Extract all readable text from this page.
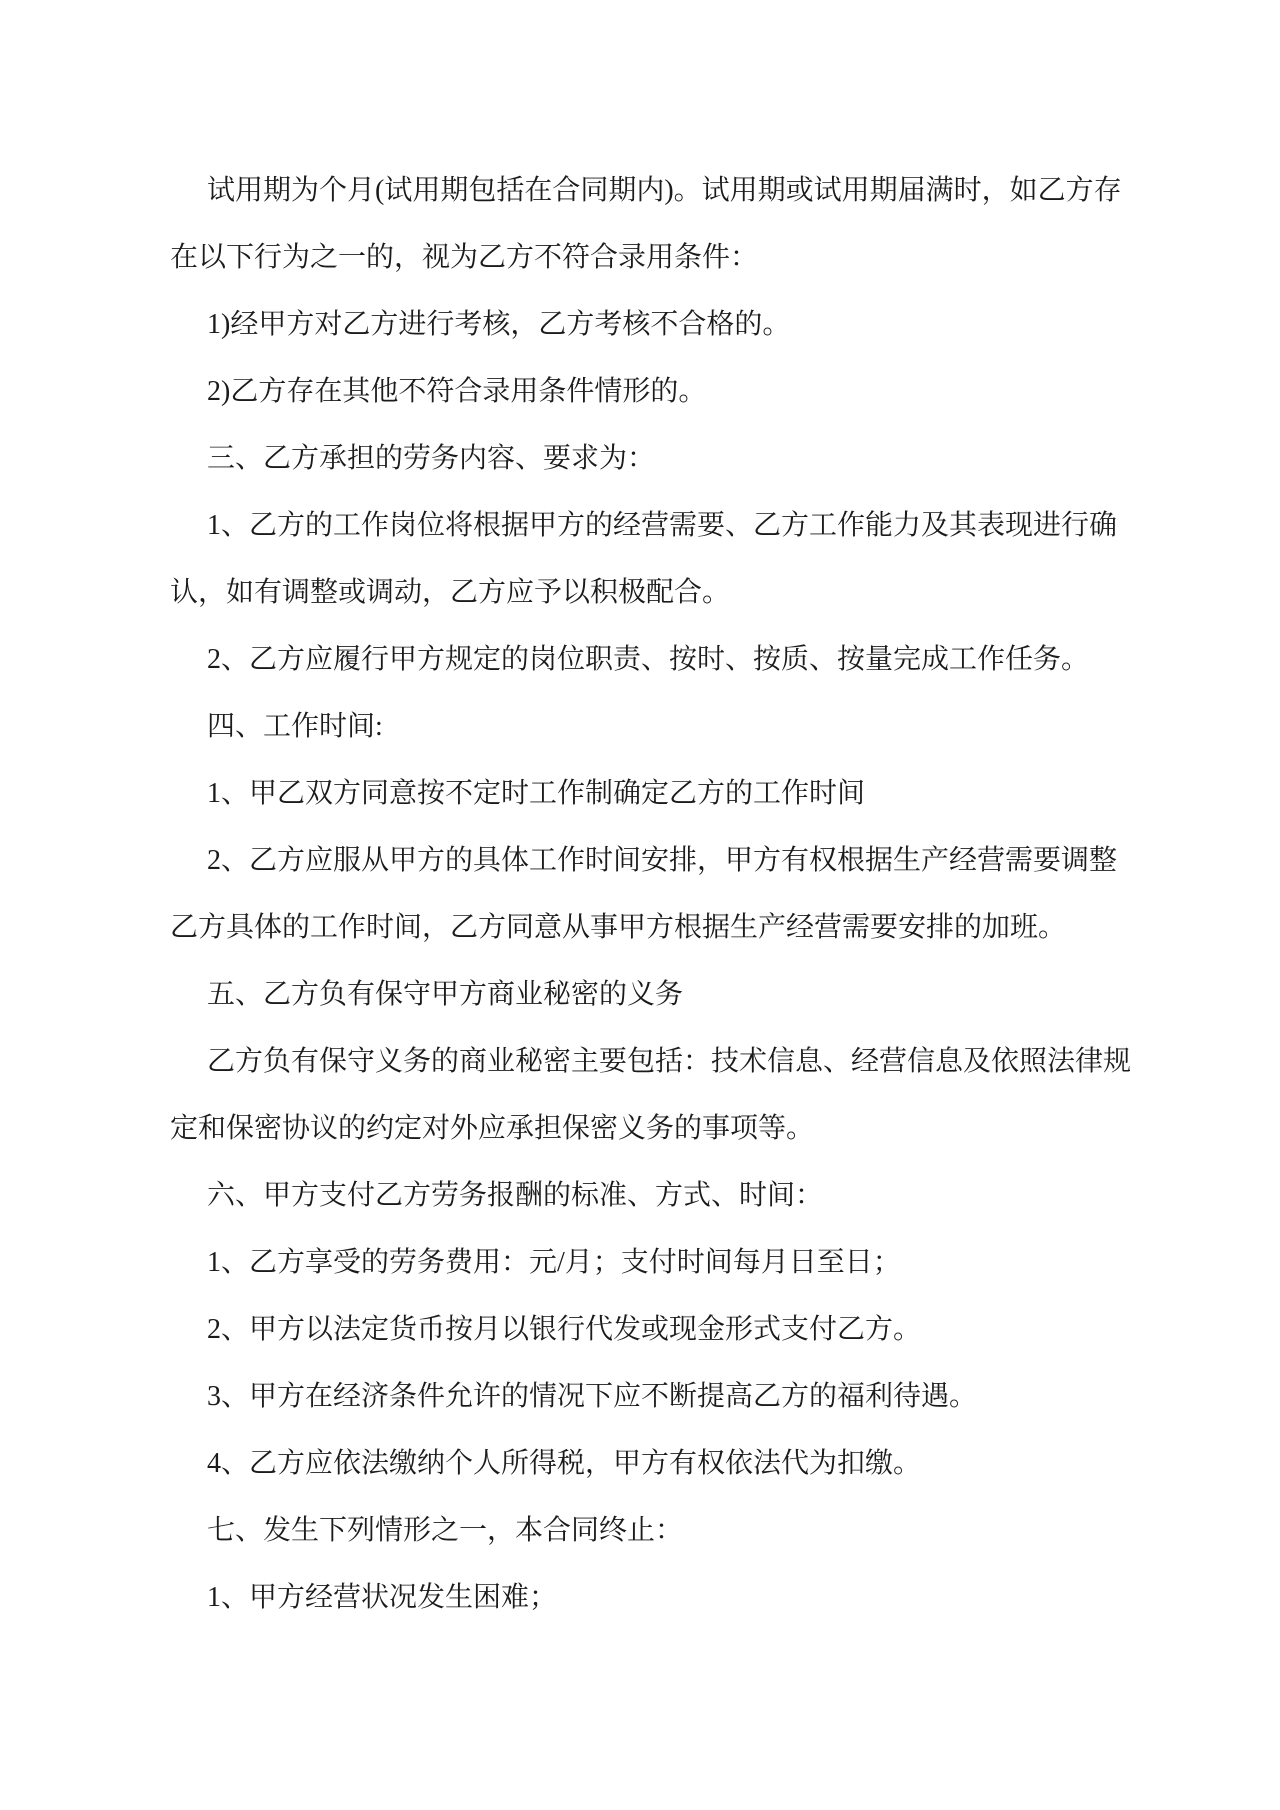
试用期为个月(试用期包括在合同期内)。试用期或试用期届满时，如乙方存
在以下行为之一的，视为乙方不符合录用条件：
1)经甲方对乙方进行考核，乙方考核不合格的。
2)乙方存在其他不符合录用条件情形的。
三、乙方承担的劳务内容、要求为：
1、乙方的工作岗位将根据甲方的经营需要、乙方工作能力及其表现进行确
认，如有调整或调动，乙方应予以积极配合。
2、乙方应履行甲方规定的岗位职责、按时、按质、按量完成工作任务。
四、工作时间:
1、甲乙双方同意按不定时工作制确定乙方的工作时间
2、乙方应服从甲方的具体工作时间安排，甲方有权根据生产经营需要调整
乙方具体的工作时间，乙方同意从事甲方根据生产经营需要安排的加班。
五、乙方负有保守甲方商业秘密的义务
乙方负有保守义务的商业秘密主要包括：技术信息、经营信息及依照法律规
定和保密协议的约定对外应承担保密义务的事项等。
六、甲方支付乙方劳务报酬的标准、方式、时间：
1、乙方享受的劳务费用：元/月；支付时间每月日至日；
2、甲方以法定货币按月以银行代发或现金形式支付乙方。
3、甲方在经济条件允许的情况下应不断提高乙方的福利待遇。
4、乙方应依法缴纳个人所得税，甲方有权依法代为扣缴。
七、发生下列情形之一，本合同终止：
1、甲方经营状况发生困难；
